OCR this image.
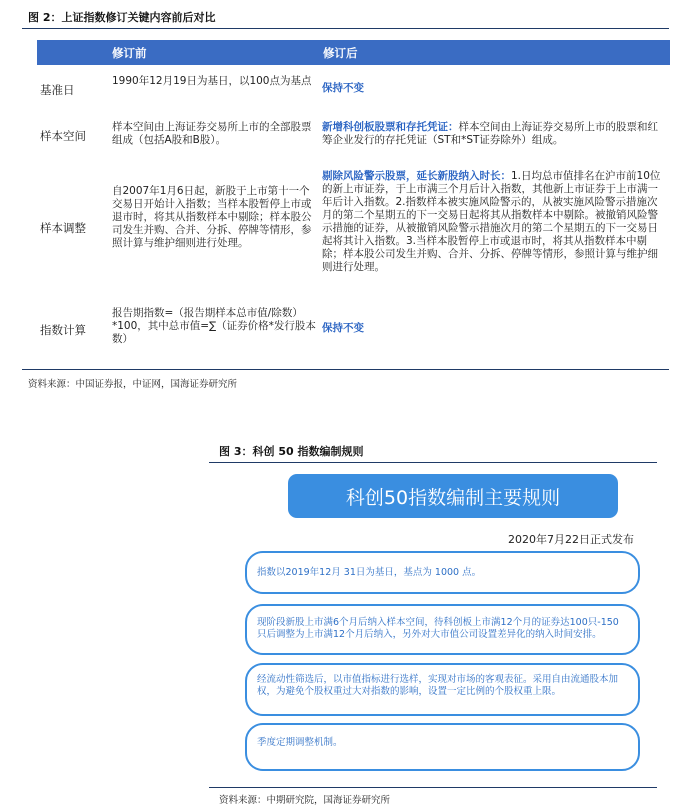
图 2：上证指数修订关键内容前后对比
修订前	修订后
基准日
1990年12月19日为基日，以100点为基点
保持不变
样本空间
样本空间由上海证券交易所上市的全部股票组成（包括A股和B股）。
新增科创板股票和存托凭证：样本空间由上海证券交易所上市的股票和红筹企业发行的存托凭证（ST和*ST证券除外）组成。
样本调整
自2007年1月6日起，新股于上市第十一个交易日开始计入指数；当样本股暂停上市或退市时，将其从指数样本中剔除；样本股公司发生并购、合并、分拆、停牌等情形，参照计算与维护细则进行处理。
剔除风险警示股票，延长新股纳入时长：1.日均总市值排名在沪市前10位的新上市证券，于上市满三个月后计入指数，其他新上市证券于上市满一年后计入指数。2.指数样本被实施风险警示的，从被实施风险警示措施次月的第二个星期五的下一交易日起将其从指数样本中剔除。被撤销风险警示措施的证券，从被撤销风险警示措施次月的第二个星期五的下一交易日起将其计入指数。3.当样本股暂停上市或退市时，将其从指数样本中剔除；样本股公司发生并购、合并、分拆、停牌等情形，参照计算与维护细则进行处理。
指数计算
报告期指数=（报告期样本总市值/除数）*100，其中总市值=∑（证券价格*发行股本数）
保持不变
资料来源：中国证券报，中证网，国海证券研究所
图 3：科创 50 指数编制规则
科创50指数编制主要规则
2020年7月22日正式发布
指数以2019年12月 31日为基日，基点为 1000 点。
现阶段新股上市满6个月后纳入样本空间，待科创板上市满12个月的证券达100只-150只后调整为上市满12个月后纳入，另外对大市值公司设置差异化的纳入时间安排。
经流动性筛选后，以市值指标进行选样，实现对市场的客观表征。采用自由流通股本加权，为避免个股权重过大对指数的影响，设置一定比例的个股权重上限。
季度定期调整机制。
资料来源：中期研究院，国海证券研究所
